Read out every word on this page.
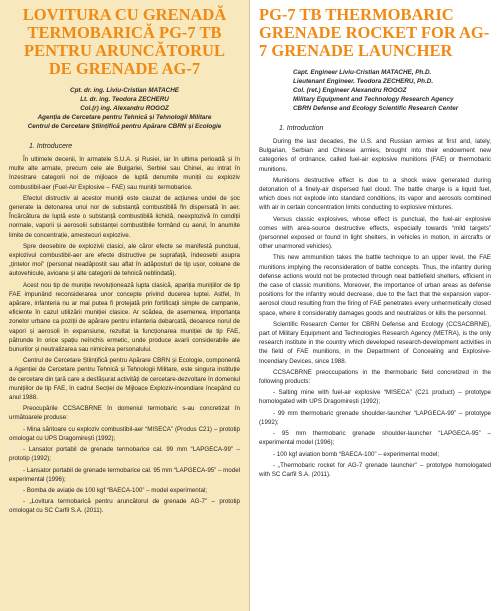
LOVITURA CU GRENADĂ TERMOBARICĂ PG-7 TB PENTRU ARUNCĂTORUL DE GRENADE AG-7
Cpt. dr. ing. Liviu-Cristian MATACHE
Lt. dr. ing. Teodora ZECHERU
Col.(r) ing. Alexandru ROGOZ
Agenția de Cercetare pentru Tehnică și Tehnologii Militare
Centrul de Cercetare Științifică pentru Apărare CBRN și Ecologie
1. Introducere

În ultimele decenii, în armatele S.U.A. și Rusiei, iar în ultima perioadă și în multe alte armate, precum cele ale Bulgariei, Serbiei sau Chinei, au intrat în înzestrare categorii noi de mijloace de luptă denumite muniții cu exploziv combustibil-aer (Fuel-Air Explosive – FAE) sau muniții termobarice.

Efectul distructiv al acestor muniții este cauzat de acțiunea undei de șoc generate la detonarea unui nor de substanță combustibilă fin dispersată în aer. Încărcătura de luptă este o substanță combustibilă lichidă, neexplozivă în condiții normale, vaporii și aerosolii substanței combustibile formând cu aerul, în anumite limite de concentrație, amestecuri explozive.

Spre deosebire de explozivii clasici, ale căror efecte se manifestă punctual, explozivul combustibil-aer are efecte distructive pe suprafață, îndeosebi asupra „țintelor moi” (personal neadăpostit sau aflat în adăposturi de tip ușor, coloane de autovehicule, avioane și alte categorii de tehnică neblindată).

Acest nou tip de muniție revoluționează lupta clasică, apariția munițiilor de tip FAE impunând reconsiderarea unor concepte privind ducerea luptei. Astfel, în apărare, infanteria nu ar mai putea fi protejată prin fortificații simple de campanie, eficiente în cazul utilizării muniției clasice. Ar scădea, de asemenea, importanța zonelor urbane ca poziții de apărare pentru infanteria debarcată, deoarece norul de vapori și aerosoli în expansiune, rezultat la funcționarea muniției de tip FAE, pătrunde în orice spațiu neînchis ermetic, unde produce avarii considerabile ale bunurilor și neutralizarea sau nimicirea personalului.

Centrul de Cercetare Științifică pentru Apărare CBRN și Ecologie, componentă a Agenției de Cercetare pentru Tehnică și Tehnologii Militare, este singura instituție de cercetare din țară care a desfășurat activități de cercetare-dezvoltare în domeniul munițiilor de tip FAE, în cadrul Secției de Mijloace Exploziv-incendiare începând cu anul 1988.

Preocupările CCSACBRNE în domeniul termobaric s-au concretizat în următoarele produse:

- Mina săritoare cu exploziv combustibil-aer “MISECA” (Produs C21) – prototip omologat cu UPS Dragomirești (1992);

- Lansator portabil de grenade termobarice cal. 99 mm “LAPGECA-99” – prototip (1992);

- Lansator portabil de grenade termobarice cal. 95 mm “LAPGECA-95” – model experimental (1996);

- Bomba de aviație de 100 kgf “BAECA-100” – model experimental;

- „Lovitura termobarică pentru aruncătorul de grenade AG-7” – prototip omologat cu SC Carfil S.A. (2011).

PG-7 TB THERMOBARIC GRENADE ROCKET FOR AG-7 GRENADE LAUNCHER
Capt. Engineer Liviu-Cristian MATACHE, Ph.D.
Lieutenant Engineer. Teodora ZECHERU, Ph.D.
Col. (ret.) Engineer Alexandru ROGOZ
Military Equipment and Technology Research Agency
CBRN Defense and Ecology Scientific Research Center
1. Introduction

During the last decades, the U.S. and Russian armies at first and, lately, Bulgarian, Serbian and Chinese armies, brought into their endowment new categories of ordnance, called fuel-air explosive munitions (FAE) or thermobaric munitions.

Munitions destructive effect is due to a shock wave generated during detonation of a finely-air dispersed fuel cloud. The battle charge is a liquid fuel, which does not explode into standard conditions, its vapor and aerosols combined with air in certain concentration limits conducting to explosive mixtures.

Versus classic explosives, whose effect is punctual, the fuel-air explosive comes with area-source destructive effects, especially towards “mild targets” (personnel exposed or found in light shelters, in vehicles in motion, in aircrafts or other unarmored vehicles).

This new ammunition takes the battle technique to an upper level, the FAE munitions implying the reconsideration of battle concepts. Thus, the infantry during defense actions would not be protected through neat battlefield shelters, efficient in the case of classic munitions. Moreover, the importance of urban areas as defense positions for the infantry would decrease, due to the fact that the expansion vapor-aerosol cloud resulting from the firing of FAE penetrates every unhermetically closed space, where it considerably damages goods and neutralizes or kills the personnel.

Scientific Research Center for CBRN Defense and Ecology (CCSACBRNE), part of Military Equipment and Technologies Research Agency (METRA), is the only research institute in the country which developed research-development activities in the field of FAE munitions, in the Department of Concealing and Explosive-Incendiary Devices, since 1988.

CCSACBRNE preoccupations in the thermobaric field concretized in the following products:

- Salting mine with fuel-air explosive “MISECA” (C21 product) – prototype homologated with UPS Dragomirești (1992);

- 99 mm thermobaric grenade shoulder-launcher “LAPGECA-99” – prototype (1992);

- 95 mm thermobaric grenade shoulder-launcher “LAPGECA-95” – experimental model (1996);

- 100 kgf aviation bomb “BAECA-100” – experimental model;

- „Thermobaric rocket for AG-7 grenade launcher” – prototype homologated with SC Carfil S.A. (2011).
